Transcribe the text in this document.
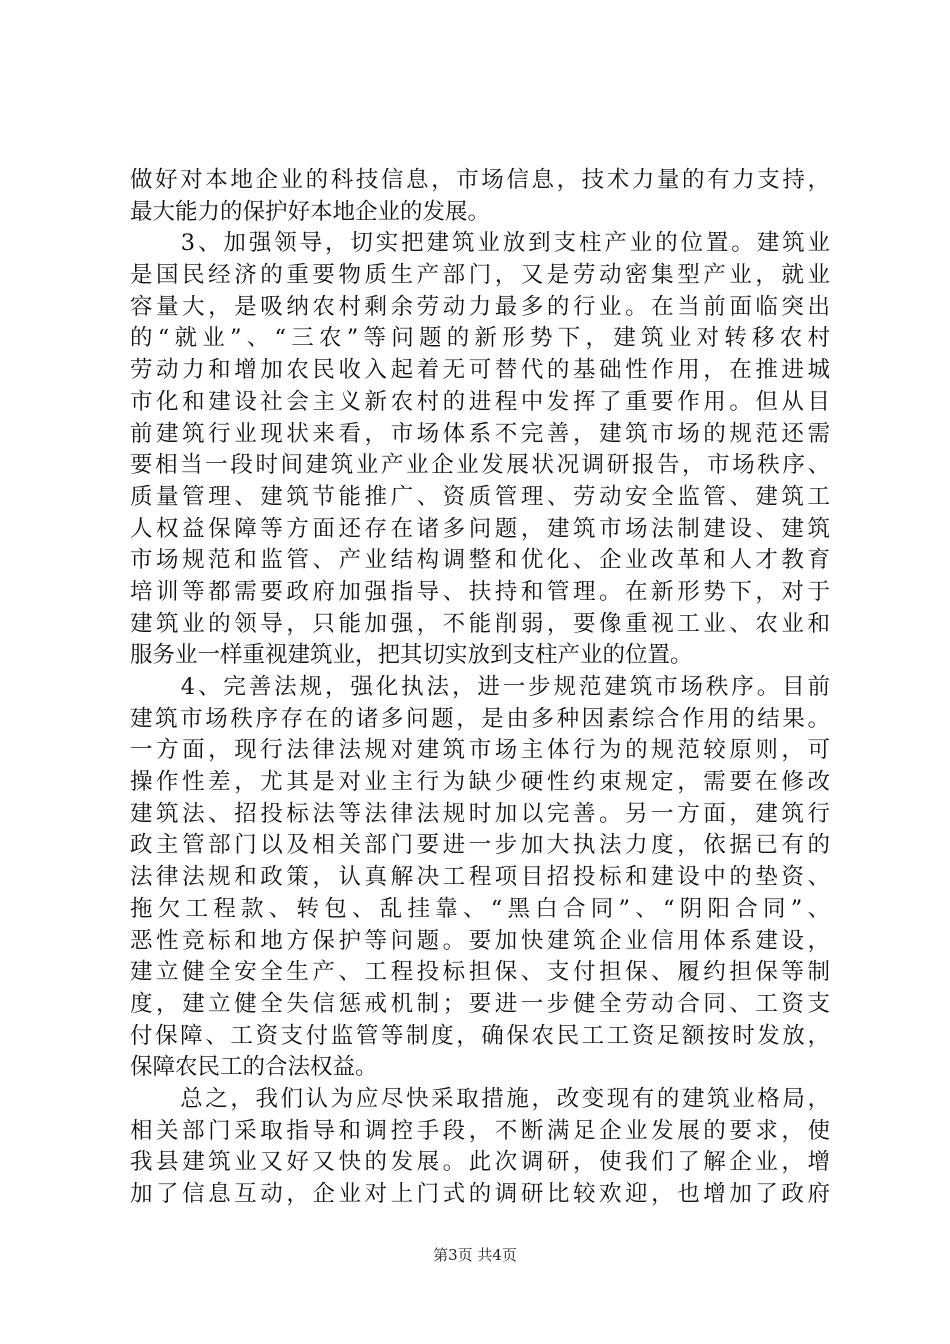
做好对本地企业的科技信息，市场信息，技术力量的有力支持，
最大能力的保护好本地企业的发展。
　　3、加强领导，切实把建筑业放到支柱产业的位置。建筑业
是国民经济的重要物质生产部门，又是劳动密集型产业，就业
容量大，是吸纳农村剩余劳动力最多的行业。在当前面临突出
的“就业”、“三农”等问题的新形势下，建筑业对转移农村
劳动力和增加农民收入起着无可替代的基础性作用，在推进城
市化和建设社会主义新农村的进程中发挥了重要作用。但从目
前建筑行业现状来看，市场体系不完善，建筑市场的规范还需
要相当一段时间建筑业产业企业发展状况调研报告，市场秩序、
质量管理、建筑节能推广、资质管理、劳动安全监管、建筑工
人权益保障等方面还存在诸多问题，建筑市场法制建设、建筑
市场规范和监管、产业结构调整和优化、企业改革和人才教育
培训等都需要政府加强指导、扶持和管理。在新形势下，对于
建筑业的领导，只能加强，不能削弱，要像重视工业、农业和
服务业一样重视建筑业，把其切实放到支柱产业的位置。
　　4、完善法规，强化执法，进一步规范建筑市场秩序。目前
建筑市场秩序存在的诸多问题，是由多种因素综合作用的结果。
一方面，现行法律法规对建筑市场主体行为的规范较原则，可
操作性差，尤其是对业主行为缺少硬性约束规定，需要在修改
建筑法、招投标法等法律法规时加以完善。另一方面，建筑行
政主管部门以及相关部门要进一步加大执法力度，依据已有的
法律法规和政策，认真解决工程项目招投标和建设中的垫资、
拖欠工程款、转包、乱挂靠、“黑白合同”、“阴阳合同”、
恶性竞标和地方保护等问题。要加快建筑企业信用体系建设，
建立健全安全生产、工程投标担保、支付担保、履约担保等制
度，建立健全失信惩戒机制；要进一步健全劳动合同、工资支
付保障、工资支付监管等制度，确保农民工工资足额按时发放，
保障农民工的合法权益。
　　总之，我们认为应尽快采取措施，改变现有的建筑业格局，
相关部门采取指导和调控手段，不断满足企业发展的要求，使
我县建筑业又好又快的发展。此次调研，使我们了解企业，增
加了信息互动，企业对上门式的调研比较欢迎，也增加了政府
第3页 共4页
